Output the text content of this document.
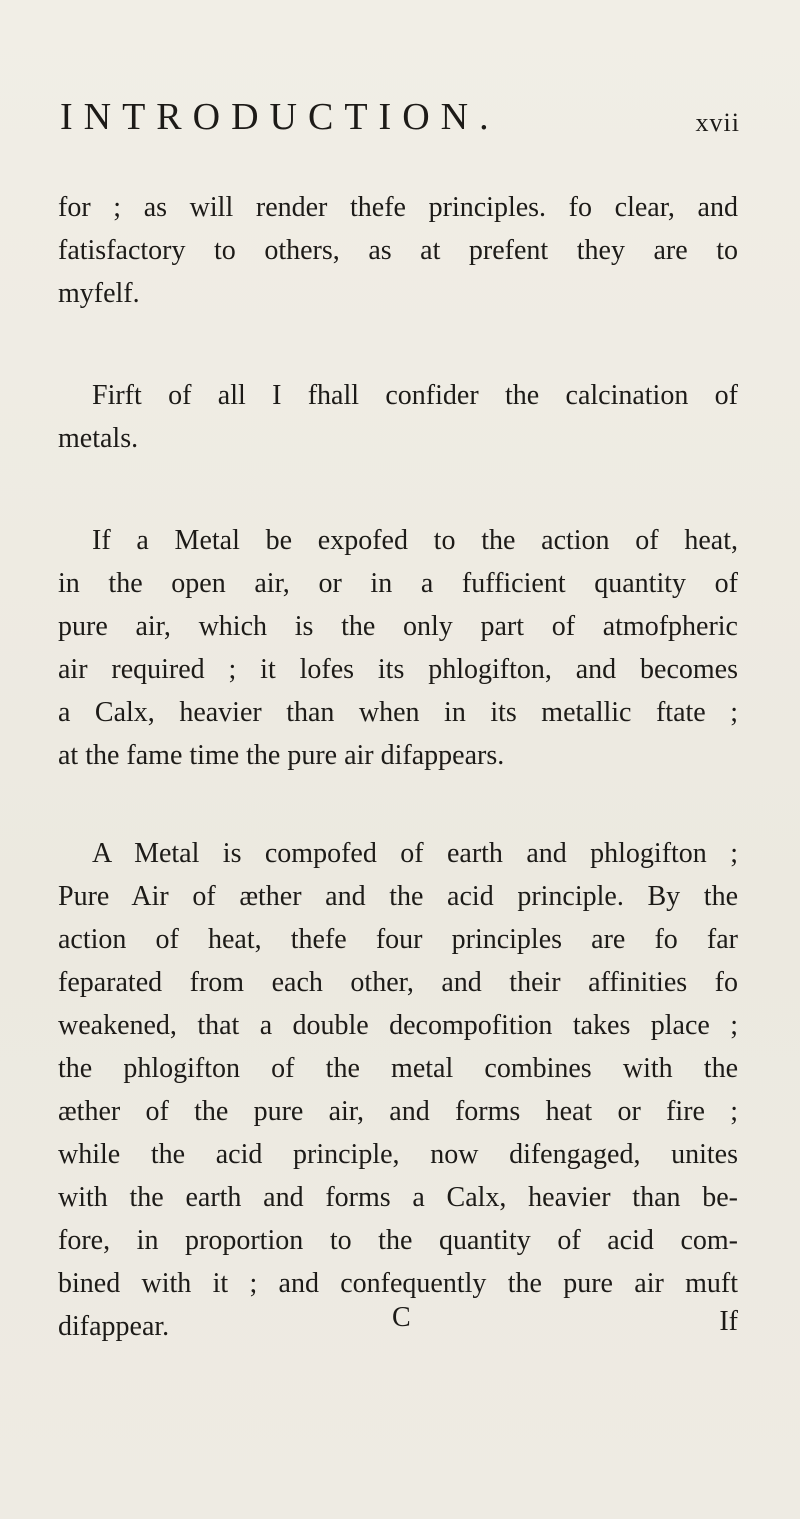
INTRODUCTION.	xvii

for ; as will render thefe principles. fo clear, and
fatisfactory to others, as at prefent they are to
myfelf.

Firft of all I fhall confider the calcination of
metals.

If a Metal be expofed to the action of heat,
in the open air, or in a fufficient quantity of
pure air, which is the only part of atmofpheric
air required ; it lofes its phlogifton, and becomes
a Calx, heavier than when in its metallic ftate ;
at the fame time the pure air difappears.

A Metal is compofed of earth and phlogifton ;
Pure Air of æther and the acid principle. By the
action of heat, thefe four principles are fo far
feparated from each other, and their affinities fo
weakened, that a double decompofition takes place ;
the phlogifton of the metal combines with the
æther of the pure air, and forms heat or fire ;
while the acid principle, now difengaged, unites
with the earth and forms a Calx, heavier than be-
fore, in proportion to the quantity of acid com-
bined with it ; and confequently the pure air muft
difappear.	C	If
